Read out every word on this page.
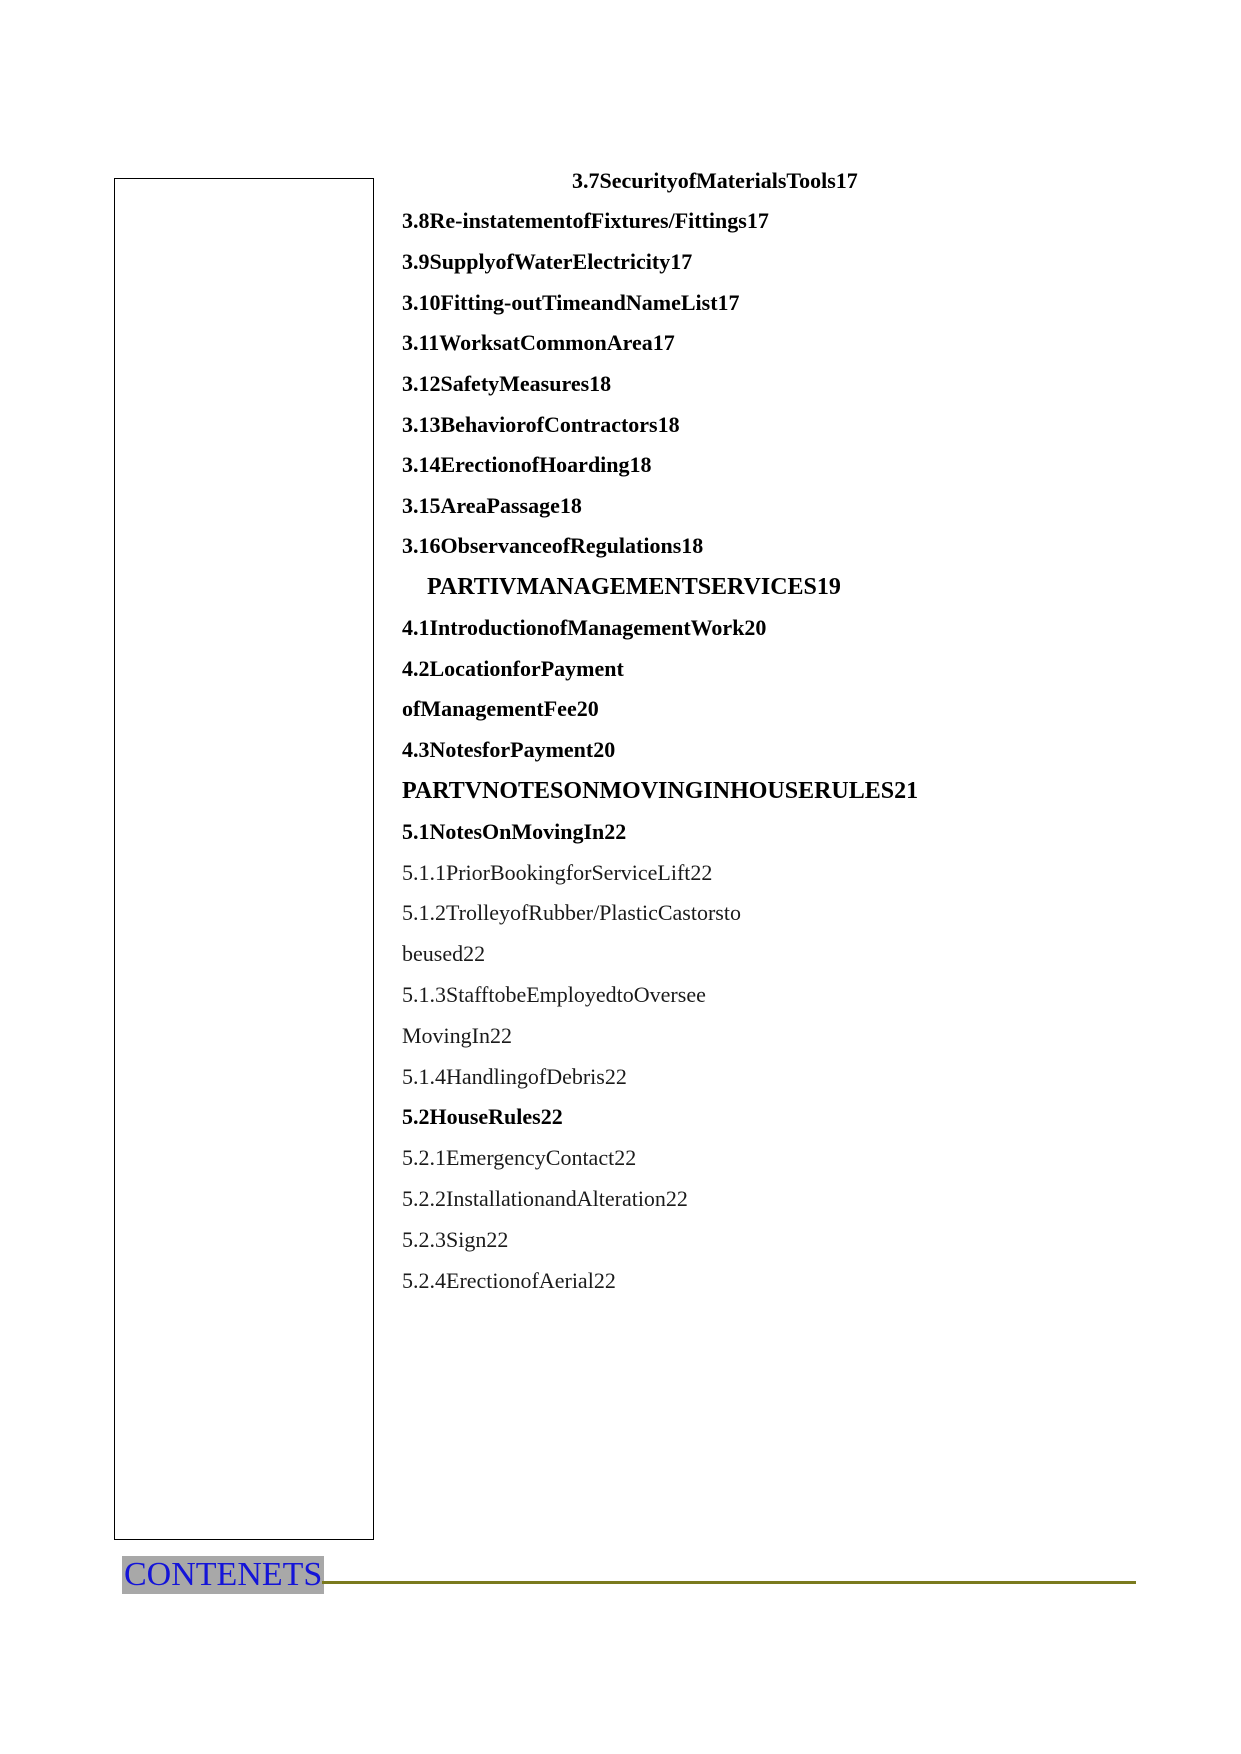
3.7SecurityofMaterialsTools17
3.8Re-instatementofFixtures/Fittings17
3.9SupplyofWaterElectricity17
3.10Fitting-outTimeandNameList17
3.11WorksatCommonArea17
3.12SafetyMeasures18
3.13BehaviorofContractors18
3.14ErectionofHoarding18
3.15AreaPassage18
3.16ObservanceofRegulations18
PARTIVMANAGEMENTSERVICES19
4.1IntroductionofManagementWork20
4.2LocationforPayment
ofManagementFee20
4.3NotesforPayment20
PARTVNOTESONMOVINGINHOUSERULES21
5.1NotesOnMovingIn22
5.1.1PriorBookingforServiceLift22
5.1.2TrolleyofRubber/PlasticCastorsto
beused22
5.1.3StafftobeEmployedtoOversee
MovingIn22
5.1.4HandlingofDebris22
5.2HouseRules22
5.2.1EmergencyContact22
5.2.2InstallationandAlteration22
5.2.3Sign22
5.2.4ErectionofAerial22
CONTENETS
